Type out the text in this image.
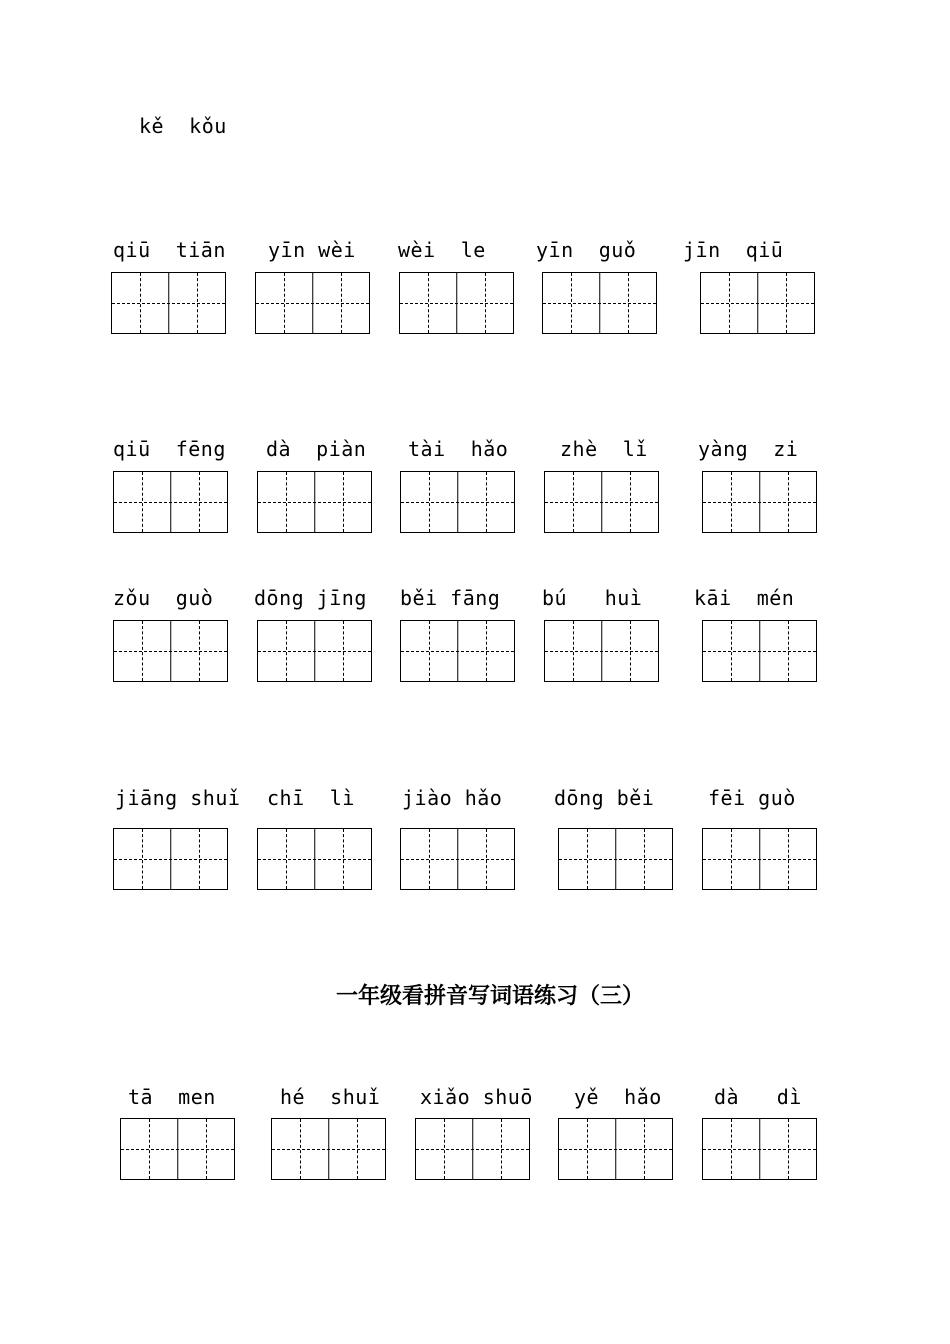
kě  kǒu
qiū  tiān yīn wèi wèi  le	yīn  guǒ jīn  qiū
qiū  fēng dà  piàn tài  hǎo	zhè  lǐ	yàng  zi
zǒu  guò dōng jīng běi fāng bú   huì	kāi  mén
jiāng shuǐ chī  lì jiào hǎo	dōng běi	fēi guò
一年级看拼音写词语练习（三）
tā  men	hé  shuǐ xiǎo shuō yě  hǎo	dà   dì
